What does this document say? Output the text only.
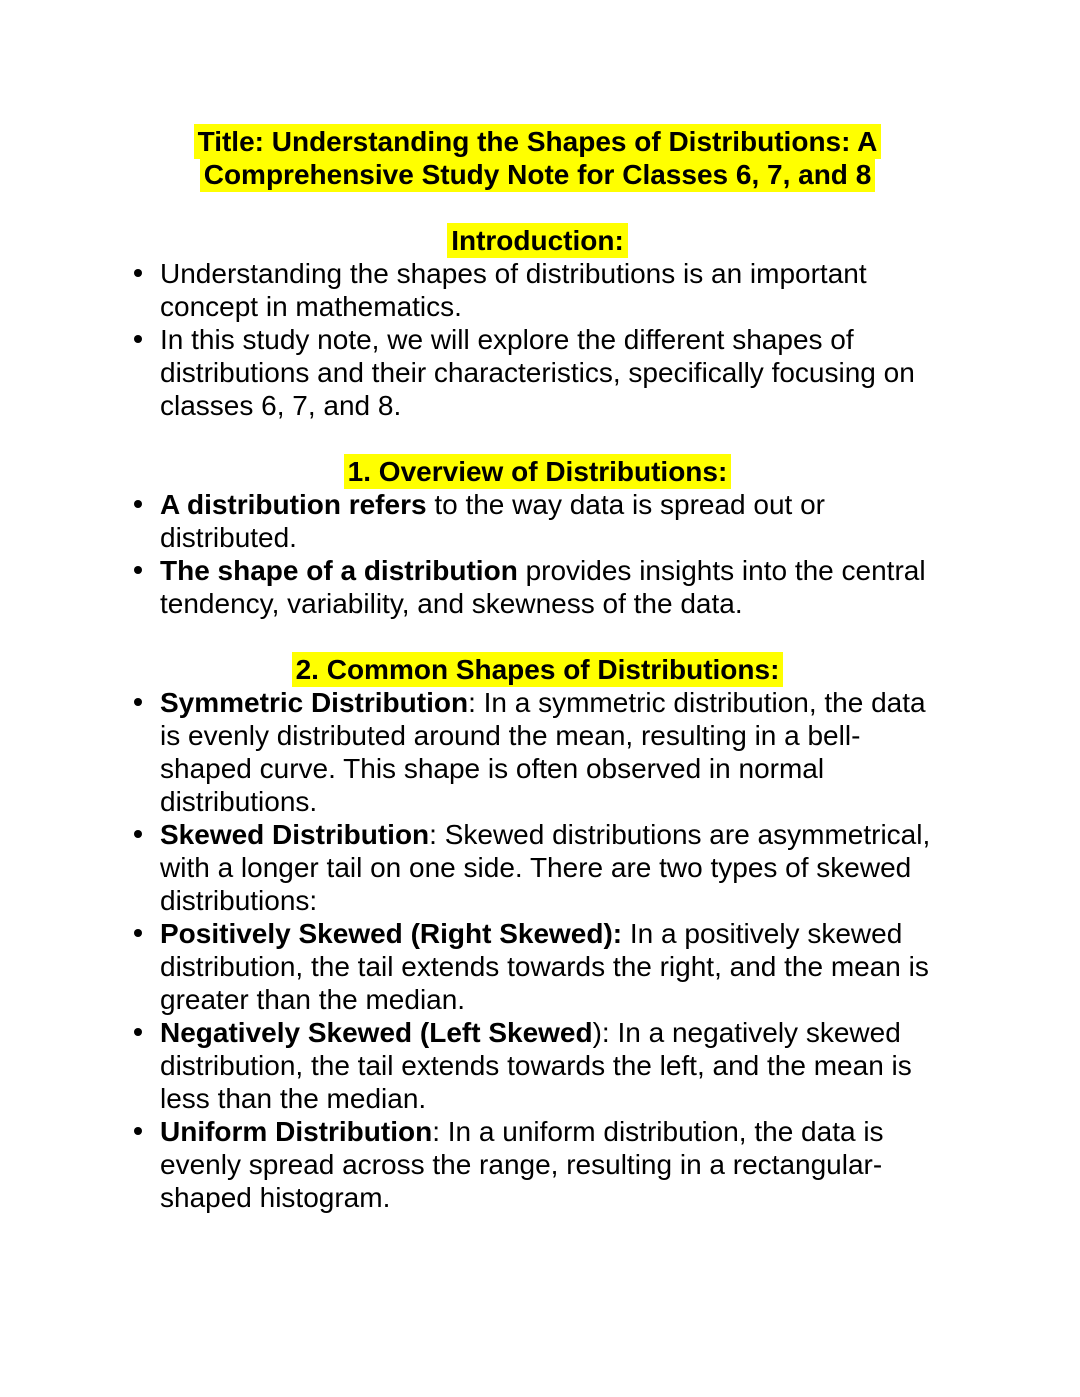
Title: Understanding the Shapes of Distributions: A
Comprehensive Study Note for Classes 6, 7, and 8
Introduction:
Understanding the shapes of distributions is an important concept in mathematics.
In this study note, we will explore the different shapes of distributions and their characteristics, specifically focusing on classes 6, 7, and 8.
1. Overview of Distributions:
A distribution refers to the way data is spread out or distributed.
The shape of a distribution provides insights into the central tendency, variability, and skewness of the data.
2. Common Shapes of Distributions:
Symmetric Distribution: In a symmetric distribution, the data is evenly distributed around the mean, resulting in a bell-shaped curve. This shape is often observed in normal distributions.
Skewed Distribution: Skewed distributions are asymmetrical, with a longer tail on one side. There are two types of skewed distributions:
Positively Skewed (Right Skewed): In a positively skewed distribution, the tail extends towards the right, and the mean is greater than the median.
Negatively Skewed (Left Skewed): In a negatively skewed distribution, the tail extends towards the left, and the mean is less than the median.
Uniform Distribution: In a uniform distribution, the data is evenly spread across the range, resulting in a rectangular-shaped histogram.
